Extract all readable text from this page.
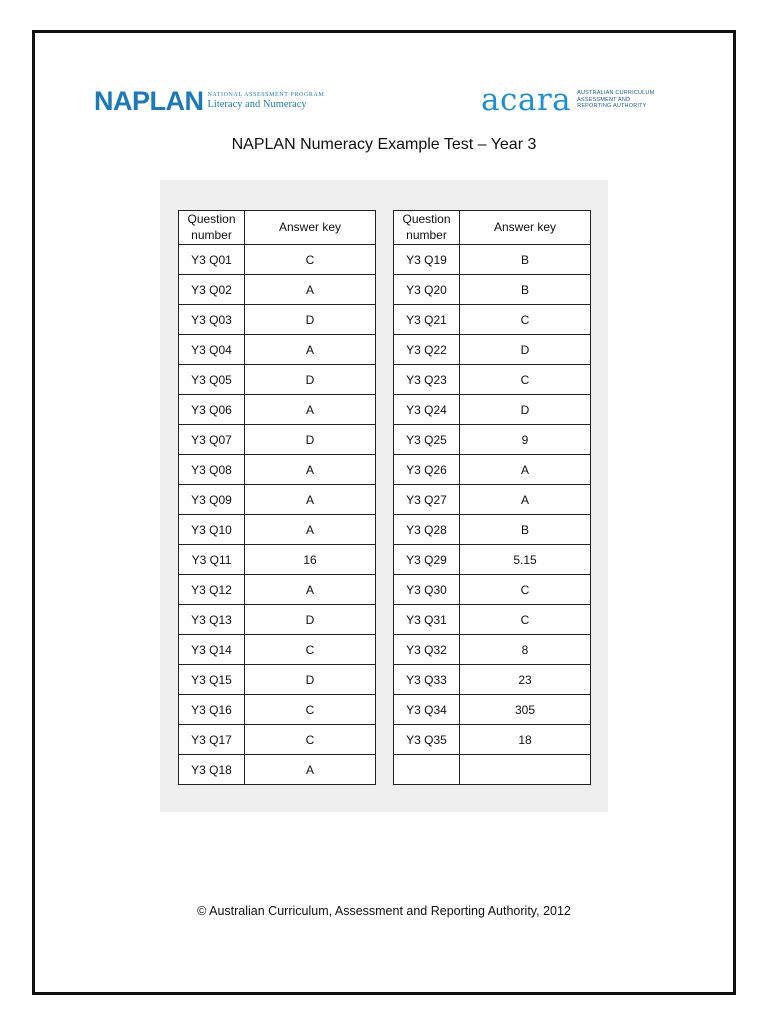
NAPLAN NATIONAL ASSESSMENT PROGRAM
Literacy and Numeracy	acara AUSTRALIAN CURRICULUM
ASSESSMENT AND
REPORTING AUTHORITY
NAPLAN Numeracy Example Test – Year 3
Question
number	Answer key
Y3 Q01	C
Y3 Q02	A
Y3 Q03	D
Y3 Q04	A
Y3 Q05	D
Y3 Q06	A
Y3 Q07	D
Y3 Q08	A
Y3 Q09	A
Y3 Q10	A
Y3 Q11	16
Y3 Q12	A
Y3 Q13	D
Y3 Q14	C
Y3 Q15	D
Y3 Q16	C
Y3 Q17	C
Y3 Q18	A
Question
number	Answer key
Y3 Q19	B
Y3 Q20	B
Y3 Q21	C
Y3 Q22	D
Y3 Q23	C
Y3 Q24	D
Y3 Q25	9
Y3 Q26	A
Y3 Q27	A
Y3 Q28	B
Y3 Q29	5.15
Y3 Q30	C
Y3 Q31	C
Y3 Q32	8
Y3 Q33	23
Y3 Q34	305
Y3 Q35	18

© Australian Curriculum, Assessment and Reporting Authority, 2012
